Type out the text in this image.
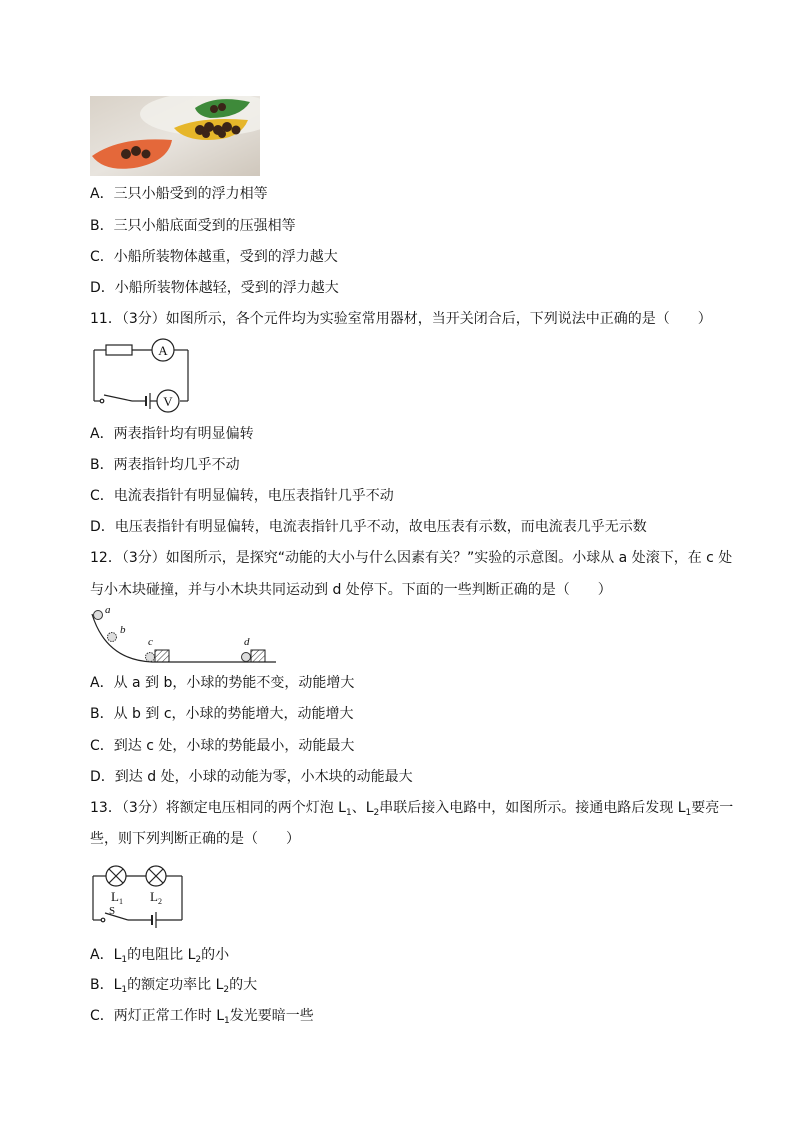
A．三只小船受到的浮力相等
B．三只小船底面受到的压强相等
C．小船所装物体越重，受到的浮力越大
D．小船所装物体越轻，受到的浮力越大
11．（3分）如图所示，各个元件均为实验室常用器材，当开关闭合后，下列说法中正确的是（　　）
A
V
A．两表指针均有明显偏转
B．两表指针均几乎不动
C．电流表指针有明显偏转，电压表指针几乎不动
D．电压表指针有明显偏转，电流表指针几乎不动，故电压表有示数，而电流表几乎无示数
12．（3分）如图所示，是探究“动能的大小与什么因素有关？”实验的示意图。小球从 a 处滚下，在 c 处
与小木块碰撞，并与小木块共同运动到 d 处停下。下面的一些判断正确的是（　　）
a
b
c	d
A．从 a 到 b，小球的势能不变，动能增大
B．从 b 到 c，小球的势能增大，动能增大
C．到达 c 处，小球的势能最小，动能最大
D．到达 d 处，小球的动能为零，小木块的动能最大
13．（3分）将额定电压相同的两个灯泡 $L_1$、$L_2$串联后接入电路中，如图所示。接通电路后发现 $L_1$要亮一
些，则下列判断正确的是（　　）
L 1 L 2
S
A．$L_1$的电阻比 $L_2$的小
B．$L_1$的额定功率比 $L_2$的大
C．两灯正常工作时 $L_1$发光要暗一些
